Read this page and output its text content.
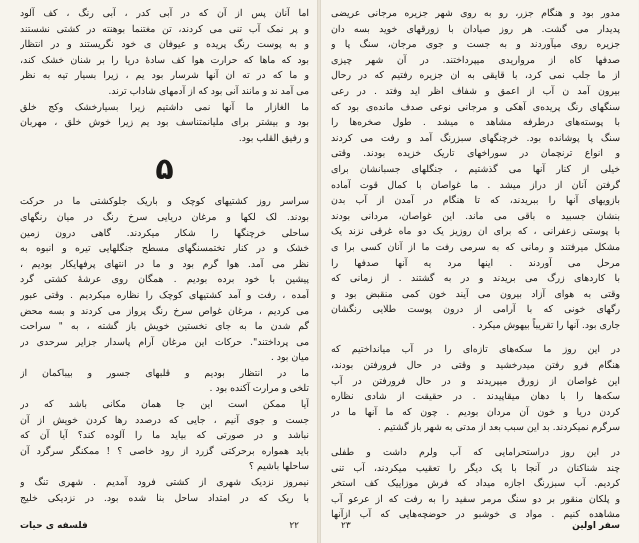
اما آنان پس از آن که در آبی کدر ، آبی رنگ ، کف آلود
و پر نمک آب تنی می کردند، تن مغتنما بوهنته در کشتی نشستند
و به پوست رنگ پریده و عیوفان ی خود نگریستند و در انتظار
بود که ماها که حرارت هوا کف سادهٔ دریا را بر شنان خشک کند،
و ما که در ته ان آنها شرسار بود یم ، زیرا بسیار تیه به نظر
می آمد ند و مانند آنی بود که از آدمهای شاداب ترند.
ما الغازار ما آنها نمی داشتیم زیرا بسیارخشک وکج خلق
بود و بیشتر برای ملیانمتناسف بود یم زیرا خوش خلق ، مهربان
و رفیق القلب بود.
۵
سراسر روز کشتیهای کوچک و باریک جلوکشتی ما در حرکت
بودند. لک لکها و مرغان دریایی سرخ رنگ در میان رنگهای
ساحلی خرچنگها را شکار میکردند. گاهی درون زمین
خشک و در کنار تختمسنگهای مسطح جنگلهایی تیره و انبوه به
نظر می آمد. هوا گرم بود و ما در انتهای پرفهایکار بودیم ،
پیشین با خود برده بودیم . همگان روی عرشهٔ کشتی گرد
آمده ، رفت و آمد کشتیهای کوچک را نظاره میکردیم . وقتی عبور
می کردیم ، مرغان غواص سرخ رنگ پرواز می کردند و بسه محض
گم شدن ما به جای نخستین خویش باز گشته ، به " سراحت
می پرداختند". حرکات این مرغان آرام پاسدار جزایر سرحدی در
میان بود .
ما در انتظار بودیم و قلبهای جسور و بیباکمان از
تلخی و مرارت آکنده بود .
آیا ممکن است این جا همان مکانی باشد که در
جست و جوی آنیم ، جایی که درصدد رها کردن خویش از آن
نباشد و در صورتی که بیاید ما را آلوده کند؟ آیا آن که
باید همواره برحرکتی گزرد از رود خاصی ؟ ! ممکنگر سرگرد آن
ساحلها باشیم ؟
نیمروز نزدیک شهری از کشتی فرود آمدیم . شهری تنگ و
با ریک که در امتداد ساحل بنا شده بود. در نزدیکی خلیج
فلسفه ی حیات	۲۲
مدور بود و هنگام جزر، رو به روی شهر جزیره مرجانی عریضی
پدیدار می گشت. هر روز صیادان با زورقهای خوید بسه دان
جزیره روی میآوردند و به جست و جوی مرجان، سنگ پا و
صدفها کاه از مرواریدی میپرداختند. در آن شهر چیزی
از ما جلب نمی کرد، با قایقی به ان جزیره رفتیم که در رحال
بیرون آمد ن آب از اعمق و شفاف اظر اید وفتد . در رعی
سنگهای رنگ پریده‌ی آهکی و مرجانی نوعی صدف مانده‌ی بود که
با پوسته‌های درطرفه مشاهد ه میشد . طول صخره‌ها را
سنگ پا پوشانده بود. خرچنگهای سبزرنگ آمد و رفت می کردند
و انواع ترنچمان در سوراخهای تاریک خزیده بودند. وقتی
خیلی از کنار آنها می گذشتیم ، جنگلها‌ی جسبانشان برای
گرفتن آنان از دراز میشد . ما غواصان با کمال قوت آماده
بازویهای آنها را ببریدند، که تا هنگام در آمدن از آب بدن
بنشان جسبید ه باقی می ماند. این غواصان، مردانی بودند
با پوستی زعفرانی ، که برای ان روزیز یک دو ماه غرقی نزند یک
مشکل میرفتند و رمانی که به سرمی رفت ما از آنان کسی برا ی
مرحل می آوردند . اینها مرد یه آنها صدفها را
با کاردهای زرگ می بریدند و در به گشتند . از زمانی که
وقتی به هوای آزاد بیرون می آیند خون کمی منقبض بود و
رگهای خونی که با آرامی از درون پوست طلایی رنگشان
جاری بود. آنها را تقریباً بیهوش میکرد .
در این روز ما سکه‌های تازه‌ای را در آب میانداختیم که
هنگام فرو رفتن میدرخشید و وقتی در حال فرورفتن بودند،
این غواصان از زورق میپریدند و در حال فرورفتن در آب
سکه‌ها را با دهان میقاپیدند . در حقیقت از شادی نظاره
کردن دریا و خون آن مردان بودیم . چون که ما آنها ما در
سرگرم نمیکردند. بد این سبب بعد از مدتی به شهر باز گشتیم .
در این روز دراستحرامایی که آب ولرم داشت و طفلی
چند شناکنان در آنجا با یک دیگر را تعقیب میکردند، آب تنی
کردیم. آب سبزرنگ اجازه میداد که فرش موزاییک کف استخر
و پلکان منقور بر دو سنگ مرمر سفید را به رفت که از عرعو آب
مشاهده کنیم . مواد ی خوشبو در حوضچه‌هایی که آب ازآنها
۲۳	سفر اولین
